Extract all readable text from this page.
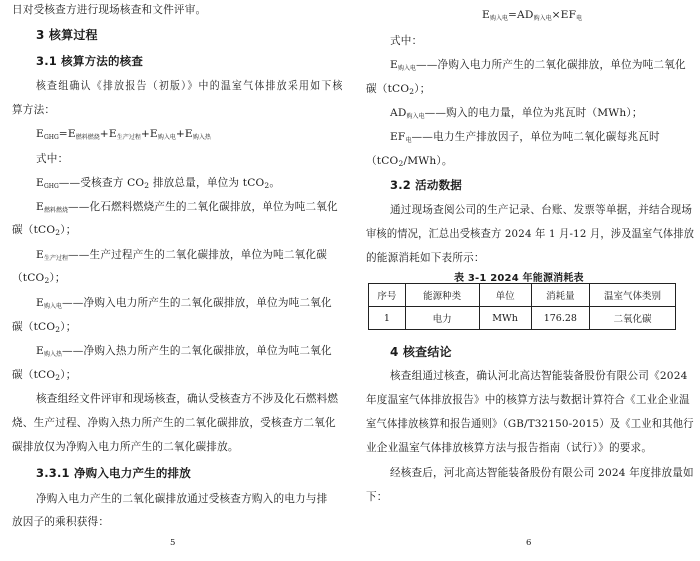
日对受核查方进行现场核查和文件评审。
3 核算过程
3.1 核算方法的核查
核查组确认《排放报告（初版）》中的温室气体排放采用如下核
算方法：
$E_{GHG}=E_{燃料燃烧}+E_{生产过程}+E_{购入电}+E_{购入热}$
式中：
$E_{GHG}——$受核查方 CO2 排放总量，单位为 tCO2。
$E_{燃料燃烧}——$化石燃料燃烧产生的二氧化碳排放，单位为吨二氧化
碳（tCO2）；
$E_{生产过程}——$生产过程产生的二氧化碳排放，单位为吨二氧化碳
（tCO2）；
$E_{购入电}——$净购入电力所产生的二氧化碳排放，单位为吨二氧化
碳（tCO2）；
$E_{购入热}——$净购入热力所产生的二氧化碳排放，单位为吨二氧化
碳（tCO2）；
核查组经文件评审和现场核查，确认受核查方不涉及化石燃料燃
烧、生产过程、净购入热力所产生的二氧化碳排放，受核查方二氧化
碳排放仅为净购入电力所产生的二氧化碳排放。
3.3.1 净购入电力产生的排放
净购入电力产生的二氧化碳排放通过受核查方购入的电力与排
放因子的乘积获得：
5
$E_{购入电}=AD_{购入电}\times EF_电$
式中：
$E_{购入电}——$净购入电力所产生的二氧化碳排放，单位为吨二氧化
碳（tCO2）；
$AD_{购入电}——$购入的电力量，单位为兆瓦时（MWh）；
$EF_电——$电力生产排放因子，单位为吨二氧化碳每兆瓦时
（tCO2/MWh）。
3.2 活动数据
通过现场查阅公司的生产记录、台账、发票等单据，并结合现场
审核的情况，汇总出受核查方 2024 年 1 月-12 月，涉及温室气体排放
的能源消耗如下表所示：
表 3-1 2024 年能源消耗表
序号	能源种类	单位	消耗量	温室气体类别
1	电力	MWh	176.28	二氧化碳
4 核查结论
核查组通过核查，确认河北高达智能装备股份有限公司《2024
年度温室气体排放报告》中的核算方法与数据计算符合《工业企业温
室气体排放核算和报告通则》（GB/T32150-2015）及《工业和其他行
业企业温室气体排放核算方法与报告指南（试行）》的要求。
经核查后，河北高达智能装备股份有限公司 2024 年度排放量如
下：
6
